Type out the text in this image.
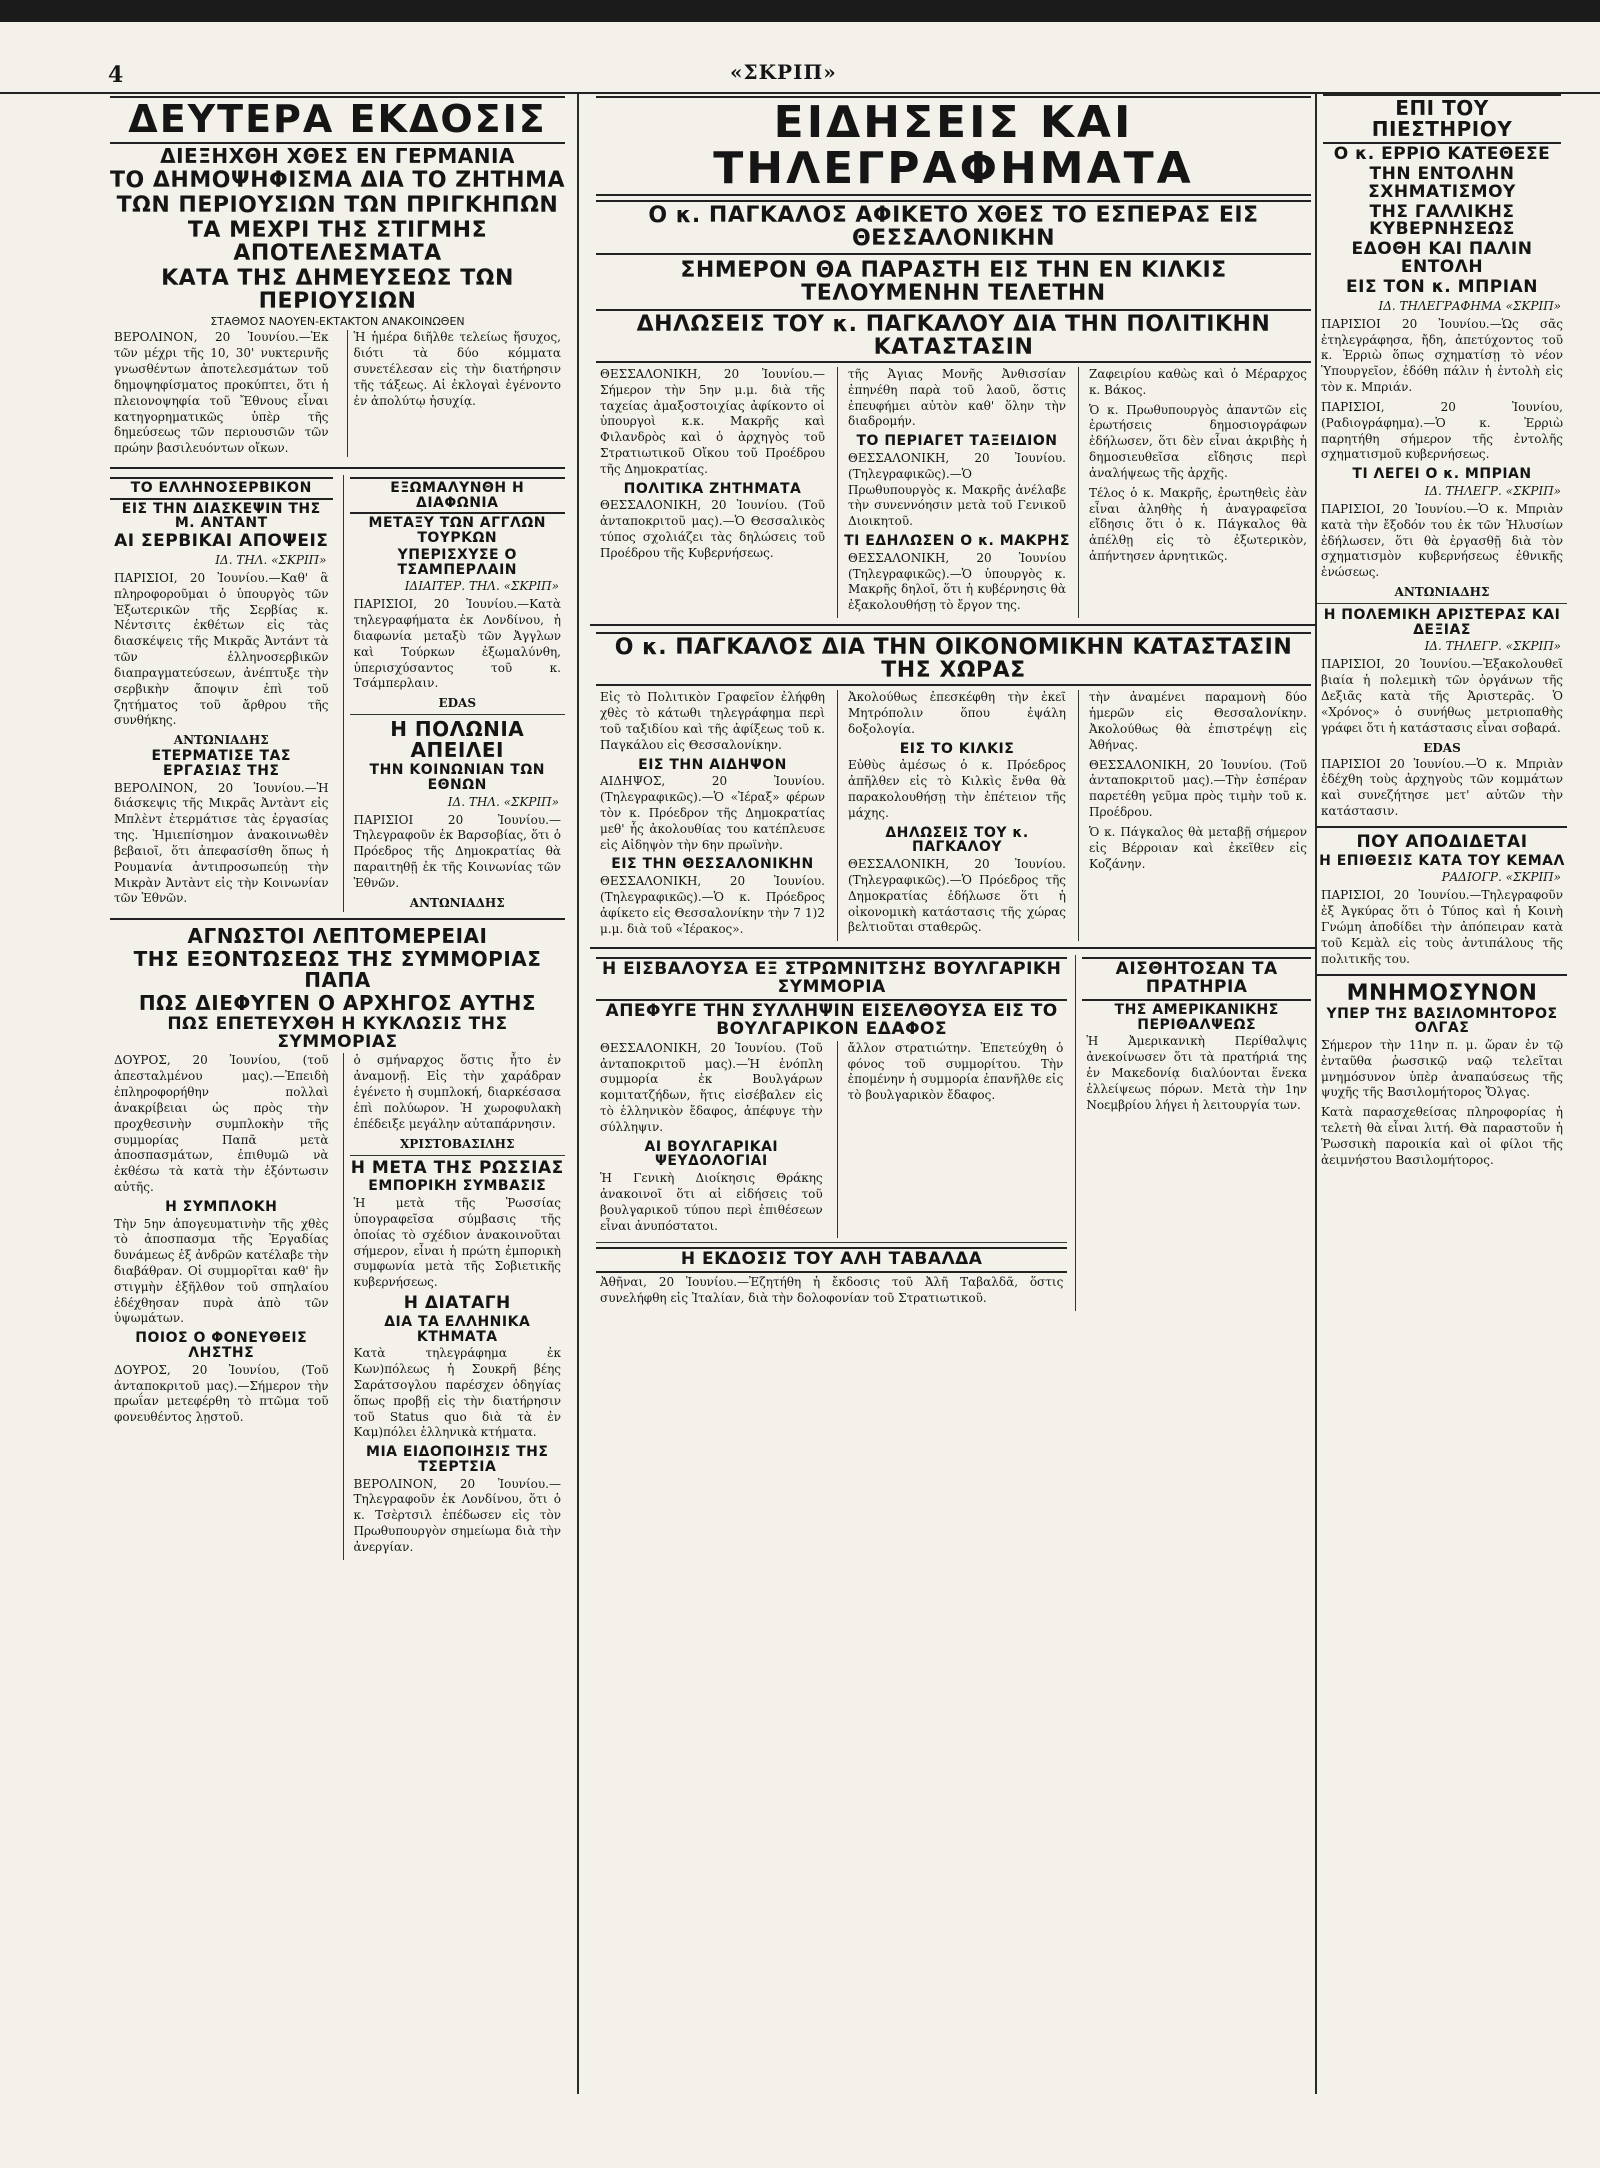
4	«ΣΚΡΙΠ»
ΔΕΥΤΕΡΑ ΕΚΔΟΣΙΣ
ΔΙΕΞΗΧΘΗ ΧΘΕΣ ΕΝ ΓΕΡΜΑΝΙΑ
ΤΟ ΔΗΜΟΨΗΦΙΣΜΑ ΔΙΑ ΤΟ ΖΗΤΗΜΑ
ΤΩΝ ΠΕΡΙΟΥΣΙΩΝ ΤΩΝ ΠΡΙΓΚΗΠΩΝ
ΤΑ ΜΕΧΡΙ ΤΗΣ ΣΤΙΓΜΗΣ ΑΠΟΤΕΛΕΣΜΑΤΑ
ΚΑΤΑ ΤΗΣ ΔΗΜΕΥΣΕΩΣ ΤΩΝ ΠΕΡΙΟΥΣΙΩΝ
ΣΤΑΘΜΟΣ ΝΑΟΥΕΝ-ΕΚΤΑΚΤΟΝ ΑΝΑΚΟΙΝΩΘΕΝ

ΒΕΡΟΛΙΝΟΝ, 20 Ἰουνίου.—Ἐκ τῶν μέχρι τῆς 10, 30' νυκτερινῆς γνωσθέντων ἀποτελεσμάτων τοῦ δημοψηφίσματος προκύπτει, ὅτι ἡ πλειονοψηφία τοῦ Ἔθνους εἶναι κατηγορηματικῶς ὑπὲρ τῆς δημεύσεως τῶν περιουσιῶν τῶν πρώην βασιλευόντων οἴκων.

Ἡ ἡμέρα διῆλθε τελείως ἥσυχος, διότι τὰ δύο κόμματα συνετέλεσαν εἰς τὴν διατήρησιν τῆς τάξεως. Αἱ ἐκλογαὶ ἐγένοντο ἐν ἀπολύτῳ ἡσυχίᾳ.

ΤΟ ΕΛΛΗΝΟΣΕΡΒΙΚΟΝ
ΕΙΣ ΤΗΝ ΔΙΑΣΚΕΨΙΝ ΤΗΣ Μ. ΑΝΤΑΝΤ
ΑΙ ΣΕΡΒΙΚΑΙ ΑΠΟΨΕΙΣ
ΙΔ. ΤΗΛ. «ΣΚΡΙΠ»

ΠΑΡΙΣΙΟΙ, 20 Ἰουνίου.—Καθ' ἃ πληροφοροῦμαι ὁ ὑπουργὸς τῶν Ἐξωτερικῶν τῆς Σερβίας κ. Νέντσιτς ἐκθέτων εἰς τὰς διασκέψεις τῆς Μικρᾶς Ἀντάντ τὰ τῶν ἑλληνοσερβικῶν διαπραγματεύσεων, ἀνέπτυξε τὴν σερβικὴν ἄποψιν ἐπὶ τοῦ ζητήματος τοῦ ἄρθρου τῆς συνθήκης.

ΑΝΤΩΝΙΑΔΗΣ
ΕΤΕΡΜΑΤΙΣΕ ΤΑΣ ΕΡΓΑΣΙΑΣ ΤΗΣ

ΒΕΡΟΛΙΝΟΝ, 20 Ἰουνίου.—Ἡ διάσκεψις τῆς Μικρᾶς Ἀντὰντ εἰς Μπλὲντ ἐτερμάτισε τὰς ἐργασίας της. Ἡμιεπίσημον ἀνακοινωθὲν βεβαιοῖ, ὅτι ἀπεφασίσθη ὅπως ἡ Ρουμανία ἀντιπροσωπεύῃ τὴν Μικρὰν Ἀντὰντ εἰς τὴν Κοινωνίαν τῶν Ἐθνῶν.

ΕΞΩΜΑΛΥΝΘΗ Η ΔΙΑΦΩΝΙΑ
ΜΕΤΑΞΥ ΤΩΝ ΑΓΓΛΩΝ ΤΟΥΡΚΩΝ
ΥΠΕΡΙΣΧΥΣΕ Ο ΤΣΑΜΠΕΡΛΑΙΝ
ΙΔΙΑΙΤΕΡ. ΤΗΛ. «ΣΚΡΙΠ»

ΠΑΡΙΣΙΟΙ, 20 Ἰουνίου.—Κατὰ τηλεγραφήματα ἐκ Λονδίνου, ἡ διαφωνία μεταξὺ τῶν Ἀγγλων καὶ Τούρκων ἐξωμαλύνθη, ὑπερισχύσαντος τοῦ κ. Τσάμπερλαιν.

EDAS
Η ΠΟΛΩΝΙΑ ΑΠΕΙΛΕΙ
ΤΗΝ ΚΟΙΝΩΝΙΑΝ ΤΩΝ ΕΘΝΩΝ
ΙΔ. ΤΗΛ. «ΣΚΡΙΠ»

ΠΑΡΙΣΙΟΙ 20 Ἰουνίου.—Τηλεγραφοῦν ἐκ Βαρσοβίας, ὅτι ὁ Πρόεδρος τῆς Δημοκρατίας θὰ παραιτηθῇ ἐκ τῆς Κοινωνίας τῶν Ἐθνῶν.

ΑΝΤΩΝΙΑΔΗΣ
ΑΓΝΩΣΤΟΙ ΛΕΠΤΟΜΕΡΕΙΑΙ
ΤΗΣ ΕΞΟΝΤΩΣΕΩΣ ΤΗΣ ΣΥΜΜΟΡΙΑΣ ΠΑΠΑ
ΠΩΣ ΔΙΕΦΥΓΕΝ Ο ΑΡΧΗΓΟΣ ΑΥΤΗΣ
ΠΩΣ ΕΠΕΤΕΥΧΘΗ Η ΚΥΚΛΩΣΙΣ ΤΗΣ ΣΥΜΜΟΡΙΑΣ

ΔΟΥΡΟΣ, 20 Ἰουνίου, (τοῦ ἀπεσταλμένου μας).—Ἐπειδὴ ἐπληροφορήθην πολλαὶ ἀνακρίβειαι ὡς πρὸς τὴν προχθεσινὴν συμπλοκὴν τῆς συμμορίας Παπᾶ μετὰ ἀποσπασμάτων, ἐπιθυμῶ νὰ ἐκθέσω τὰ κατὰ τὴν ἐξόντωσιν αὐτῆς.

Η ΣΥΜΠΛΟΚΗ

Τὴν 5ην ἀπογευματινὴν τῆς χθὲς τὸ ἀποσπασμα τῆς Ἐργαδίας δυνάμεως ἐξ ἀνδρῶν κατέλαβε τὴν διαβάθραν. Οἱ συμμορῖται καθ' ἣν στιγμὴν ἐξῆλθον τοῦ σπηλαίου ἐδέχθησαν πυρὰ ἀπὸ τῶν ὑψωμάτων.

ΠΟΙΟΣ Ο ΦΟΝΕΥΘΕΙΣ ΛΗΣΤΗΣ

ΔΟΥΡΟΣ, 20 Ἰουνίου, (Τοῦ ἀνταποκριτοῦ μας).—Σήμερον τὴν πρωΐαν μετεφέρθη τὸ πτῶμα τοῦ φονευθέντος λῃστοῦ.

ὁ σμήναρχος ὅστις ἦτο ἐν ἀναμονῇ. Εἰς τὴν χαράδραν ἐγένετο ἡ συμπλοκή, διαρκέσασα ἐπὶ πολύωρον. Ἡ χωροφυλακὴ ἐπέδειξε μεγάλην αὐταπάρνησιν.

ΧΡΙΣΤΟΒΑΣΙΛΗΣ
Η ΜΕΤΑ ΤΗΣ ΡΩΣΣΙΑΣ
ΕΜΠΟΡΙΚΗ ΣΥΜΒΑΣΙΣ

Ἡ μετὰ τῆς Ῥωσσίας ὑπογραφεῖσα σύμβασις τῆς ὁποίας τὸ σχέδιον ἀνακοινοῦται σήμερον, εἶναι ἡ πρώτη ἐμπορικὴ συμφωνία μετὰ τῆς Σοβιετικῆς κυβερνήσεως.

Η ΔΙΑΤΑΓΗ
ΔΙΑ ΤΑ ΕΛΛΗΝΙΚΑ ΚΤΗΜΑΤΑ

Κατὰ τηλεγράφημα ἐκ Κων)πόλεως ἡ Σουκρῆ βέης Σαράτσογλου παρέσχεν ὁδηγίας ὅπως προβῇ εἰς τὴν διατήρησιν τοῦ Status quo διὰ τὰ ἐν Καμ)πόλει ἑλληνικὰ κτήματα.

ΜΙΑ ΕΙΔΟΠΟΙΗΣΙΣ ΤΗΣ ΤΣΕΡΤΣΙΑ

ΒΕΡΟΛΙΝΟΝ, 20 Ἰουνίου.—Τηλεγραφοῦν ἐκ Λονδίνου, ὅτι ὁ κ. Τσὲρτσιλ ἐπέδωσεν εἰς τὸν Πρωθυπουργὸν σημείωμα διὰ τὴν ἀνεργίαν.

ΕΙΔΗΣΕΙΣ ΚΑΙ ΤΗΛΕΓΡΑΦΗΜΑΤΑ
Ο κ. ΠΑΓΚΑΛΟΣ ΑΦΙΚΕΤΟ ΧΘΕΣ ΤΟ ΕΣΠΕΡΑΣ ΕΙΣ ΘΕΣΣΑΛΟΝΙΚΗΝ
ΣΗΜΕΡΟΝ ΘΑ ΠΑΡΑΣΤΗ ΕΙΣ ΤΗΝ ΕΝ ΚΙΛΚΙΣ ΤΕΛΟΥΜΕΝΗΝ ΤΕΛΕΤΗΝ
ΔΗΛΩΣΕΙΣ ΤΟΥ κ. ΠΑΓΚΑΛΟΥ ΔΙΑ ΤΗΝ ΠΟΛΙΤΙΚΗΝ ΚΑΤΑΣΤΑΣΙΝ

ΘΕΣΣΑΛΟΝΙΚΗ, 20 Ἰουνίου.—Σήμερον τὴν 5ην μ.μ. διὰ τῆς ταχείας ἀμαξοστοιχίας ἀφίκοντο οἱ ὑπουργοὶ κ.κ. Μακρῆς καὶ Φιλανδρὸς καὶ ὁ ἀρχηγὸς τοῦ Στρατιωτικοῦ Οἴκου τοῦ Προέδρου τῆς Δημοκρατίας.

ΠΟΛΙΤΙΚΑ ΖΗΤΗΜΑΤΑ

ΘΕΣΣΑΛΟΝΙΚΗ, 20 Ἰουνίου. (Τοῦ ἀνταποκριτοῦ μας).—Ὁ Θεσσαλικὸς τύπος σχολιάζει τὰς δηλώσεις τοῦ Προέδρου τῆς Κυβερνήσεως.

τῆς Ἀγιας Μονῆς Ἀνθισσίαν ἐπηνέθη παρὰ τοῦ λαοῦ, ὅστις ἐπευφήμει αὐτὸν καθ' ὅλην τὴν διαδρομήν.

ΤΟ ΠΕΡΙΑΓΕΤ ΤΑΞΕΙΔΙΟΝ

ΘΕΣΣΑΛΟΝΙΚΗ, 20 Ἰουνίου. (Τηλεγραφικῶς).—Ὁ Πρωθυπουργὸς κ. Μακρῆς ἀνέλαβε τὴν συνεννόησιν μετὰ τοῦ Γενικοῦ Διοικητοῦ.

ΤΙ ΕΔΗΛΩΣΕΝ Ο κ. ΜΑΚΡΗΣ

ΘΕΣΣΑΛΟΝΙΚΗ, 20 Ἰουνίου (Τηλεγραφικῶς).—Ὁ ὑπουργὸς κ. Μακρῆς δηλοῖ, ὅτι ἡ κυβέρνησις θὰ ἐξακολουθήσῃ τὸ ἔργον της.

Ζαφειρίου καθὼς καὶ ὁ Μέραρχος κ. Βάκος.

Ὁ κ. Πρωθυπουργὸς ἀπαντῶν εἰς ἐρωτήσεις δημοσιογράφων ἐδήλωσεν, ὅτι δὲν εἶναι ἀκριβὴς ἡ δημοσιευθεῖσα εἴδησις περὶ ἀναλήψεως τῆς ἀρχῆς.

Τέλος ὁ κ. Μακρῆς, ἐρωτηθεὶς ἐὰν εἶναι ἀληθὴς ἡ ἀναγραφεῖσα εἴδησις ὅτι ὁ κ. Πάγκαλος θὰ ἀπέλθῃ εἰς τὸ ἐξωτερικὸν, ἀπήντησεν ἀρνητικῶς.

Ο κ. ΠΑΓΚΑΛΟΣ ΔΙΑ ΤΗΝ ΟΙΚΟΝΟΜΙΚΗΝ ΚΑΤΑΣΤΑΣΙΝ ΤΗΣ ΧΩΡΑΣ

Εἰς τὸ Πολιτικὸν Γραφεῖον ἐλήφθη χθὲς τὸ κάτωθι τηλεγράφημα περὶ τοῦ ταξιδίου καὶ τῆς ἀφίξεως τοῦ κ. Παγκάλου εἰς Θεσσαλονίκην.

ΕΙΣ ΤΗΝ ΑΙΔΗΨΟΝ

ΑΙΔΗΨΟΣ, 20 Ἰουνίου. (Τηλεγραφικῶς).—Ὁ «Ἰέραξ» φέρων τὸν κ. Πρόεδρον τῆς Δημοκρατίας μεθ' ἧς ἀκολουθίας του κατέπλευσε εἰς Αἰδηψὸν τὴν 6ην πρωϊνὴν.

ΕΙΣ ΤΗΝ ΘΕΣΣΑΛΟΝΙΚΗΝ

ΘΕΣΣΑΛΟΝΙΚΗ, 20 Ἰουνίου. (Τηλεγραφικῶς).—Ὁ κ. Πρόεδρος ἀφίκετο εἰς Θεσσαλονίκην τὴν 7 1)2 μ.μ. διὰ τοῦ «Ἰέρακος».

Ἀκολούθως ἐπεσκέφθη τὴν ἐκεῖ Μητρόπολιν ὅπου ἐψάλη δοξολογία.

ΕΙΣ ΤΟ ΚΙΛΚΙΣ

Εὐθὺς ἀμέσως ὁ κ. Πρόεδρος ἀπῆλθεν εἰς τὸ Κιλκὶς ἔνθα θὰ παρακολουθήσῃ τὴν ἐπέτειον τῆς μάχης.

ΔΗΛΩΣΕΙΣ ΤΟΥ κ. ΠΑΓΚΑΛΟΥ

ΘΕΣΣΑΛΟΝΙΚΗ, 20 Ἰουνίου. (Τηλεγραφικῶς).—Ὁ Πρόεδρος τῆς Δημοκρατίας ἐδήλωσε ὅτι ἡ οἰκονομικὴ κατάστασις τῆς χώρας βελτιοῦται σταθερῶς.

τὴν ἀναμένει παραμονὴ δύο ἡμερῶν εἰς Θεσσαλονίκην. Ἀκολούθως θὰ ἐπιστρέψῃ εἰς Ἀθήνας.

ΘΕΣΣΑΛΟΝΙΚΗ, 20 Ἰουνίου. (Τοῦ ἀνταποκριτοῦ μας).—Τὴν ἑσπέραν παρετέθη γεῦμα πρὸς τιμὴν τοῦ κ. Προέδρου.

Ὁ κ. Πάγκαλος θὰ μεταβῇ σήμερον εἰς Βέρροιαν καὶ ἐκεῖθεν εἰς Κοζάνην.

Η ΕΙΣΒΑΛΟΥΣΑ ΕΞ ΣΤΡΩΜΝΙΤΣΗΣ ΒΟΥΛΓΑΡΙΚΗ ΣΥΜΜΟΡΙΑ
ΑΠΕΦΥΓΕ ΤΗΝ ΣΥΛΛΗΨΙΝ ΕΙΣΕΛΘΟΥΣΑ ΕΙΣ ΤΟ ΒΟΥΛΓΑΡΙΚΟΝ ΕΔΑΦΟΣ

ΘΕΣΣΑΛΟΝΙΚΗ, 20 Ἰουνίου. (Τοῦ ἀνταποκριτοῦ μας).—Ἡ ἐνόπλη συμμορία ἐκ Βουλγάρων κομιτατζήδων, ἥτις εἰσέβαλεν εἰς τὸ ἑλληνικὸν ἔδαφος, ἀπέφυγε τὴν σύλληψιν.

ΑΙ ΒΟΥΛΓΑΡΙΚΑΙ ΨΕΥΔΟΛΟΓΙΑΙ

Ἡ Γενικὴ Διοίκησις Θράκης ἀνακοινοῖ ὅτι αἱ εἰδήσεις τοῦ βουλγαρικοῦ τύπου περὶ ἐπιθέσεων εἶναι ἀνυπόστατοι.

ἄλλον στρατιώτην. Ἐπετεύχθη ὁ φόνος τοῦ συμμορίτου. Τὴν ἐπομένην ἡ συμμορία ἐπανῆλθε εἰς τὸ βουλγαρικὸν ἔδαφος.

Η ΕΚΔΟΣΙΣ ΤΟΥ ΑΛΗ ΤΑΒΑΛΔΑ

Ἀθῆναι, 20 Ἰουνίου.—Ἐζητήθη ἡ ἔκδοσις τοῦ Ἀλῆ Ταβαλδᾶ, ὅστις συνελήφθη εἰς Ἰταλίαν, διὰ τὴν δολοφονίαν τοῦ Στρατιωτικοῦ.

ΑΙΣΘΗΤΟΣΑΝ ΤΑ ΠΡΑΤΗΡΙΑ
ΤΗΣ ΑΜΕΡΙΚΑΝΙΚΗΣ ΠΕΡΙΘΑΛΨΕΩΣ

Ἡ Ἀμερικανικὴ Περίθαλψις ἀνεκοίνωσεν ὅτι τὰ πρατήριά της ἐν Μακεδονίᾳ διαλύονται ἕνεκα ἐλλείψεως πόρων. Μετὰ τὴν 1ην Νοεμβρίου λήγει ἡ λειτουργία των.

ΕΠΙ ΤΟΥ ΠΙΕΣΤΗΡΙΟΥ
Ο κ. ΕΡΡΙΟ ΚΑΤΕΘΕΣΕ
ΤΗΝ ΕΝΤΟΛΗΝ ΣΧΗΜΑΤΙΣΜΟΥ
ΤΗΣ ΓΑΛΛΙΚΗΣ ΚΥΒΕΡΝΗΣΕΩΣ
ΕΔΟΘΗ ΚΑΙ ΠΑΛΙΝ ΕΝΤΟΛΗ
ΕΙΣ ΤΟΝ κ. ΜΠΡΙΑΝ
ΙΔ. ΤΗΛΕΓΡΑΦΗΜΑ «ΣΚΡΙΠ»

ΠΑΡΙΣΙΟΙ 20 Ἰουνίου.—Ὡς σᾶς ἐτηλεγράφησα, ἤδη, ἀπετύχοντος τοῦ κ. Ἐρριὼ ὅπως σχηματίσῃ τὸ νέον Ὑπουργεῖον, ἐδόθη πάλιν ἡ ἐντολὴ εἰς τὸν κ. Μπριάν.

ΠΑΡΙΣΙΟΙ, 20 Ἰουνίου, (Ραδιογράφημα).—Ὁ κ. Ἐρριὼ παρητήθη σήμερον τῆς ἐντολῆς σχηματισμοῦ κυβερνήσεως.

ΤΙ ΛΕΓΕΙ Ο κ. ΜΠΡΙΑΝ
ΙΔ. ΤΗΛΕΓΡ. «ΣΚΡΙΠ»

ΠΑΡΙΣΙΟΙ, 20 Ἰουνίου.—Ὁ κ. Μπριὰν κατὰ τὴν ἔξοδόν του ἐκ τῶν Ἠλυσίων ἐδήλωσεν, ὅτι θὰ ἐργασθῇ διὰ τὸν σχηματισμὸν κυβερνήσεως ἐθνικῆς ἑνώσεως.

ΑΝΤΩΝΙΑΔΗΣ
Η ΠΟΛΕΜΙΚΗ ΑΡΙΣΤΕΡΑΣ ΚΑΙ ΔΕΞΙΑΣ
ΙΔ. ΤΗΛΕΓΡ. «ΣΚΡΙΠ»

ΠΑΡΙΣΙΟΙ, 20 Ἰουνίου.—Ἐξακολουθεῖ βιαία ἡ πολεμικὴ τῶν ὀργάνων τῆς Δεξιᾶς κατὰ τῆς Ἀριστερᾶς. Ὁ «Χρόνος» ὁ συνήθως μετριοπαθὴς γράφει ὅτι ἡ κατάστασις εἶναι σοβαρά.

EDAS

ΠΑΡΙΣΙΟΙ 20 Ἰουνίου.—Ὁ κ. Μπριὰν ἐδέχθη τοὺς ἀρχηγοὺς τῶν κομμάτων καὶ συνεζήτησε μετ' αὐτῶν τὴν κατάστασιν.

ΠΟΥ ΑΠΟΔΙΔΕΤΑΙ
Η ΕΠΙΘΕΣΙΣ ΚΑΤΑ ΤΟΥ ΚΕΜΑΛ
ΡΑΔΙΟΓΡ. «ΣΚΡΙΠ»

ΠΑΡΙΣΙΟΙ, 20 Ἰουνίου.—Τηλεγραφοῦν ἐξ Ἀγκύρας ὅτι ὁ Τύπος καὶ ἡ Κοινὴ Γνώμη ἀποδίδει τὴν ἀπόπειραν κατὰ τοῦ Κεμὰλ εἰς τοὺς ἀντιπάλους τῆς πολιτικῆς του.

ΜΝΗΜΟΣΥΝΟΝ
ΥΠΕΡ ΤΗΣ ΒΑΣΙΛΟΜΗΤΟΡΟΣ ΟΛΓΑΣ

Σήμερον τὴν 11ην π. μ. ὥραν ἐν τῷ ἐνταῦθα ῥωσσικῷ ναῷ τελεῖται μνημόσυνον ὑπὲρ ἀναπαύσεως τῆς ψυχῆς τῆς Βασιλομήτορος Ὄλγας.

Κατὰ παρασχεθείσας πληροφορίας ἡ τελετὴ θὰ εἶναι λιτή. Θὰ παραστοῦν ἡ Ῥωσσικὴ παροικία καὶ οἱ φίλοι τῆς ἀειμνήστου Βασιλομήτορος.
